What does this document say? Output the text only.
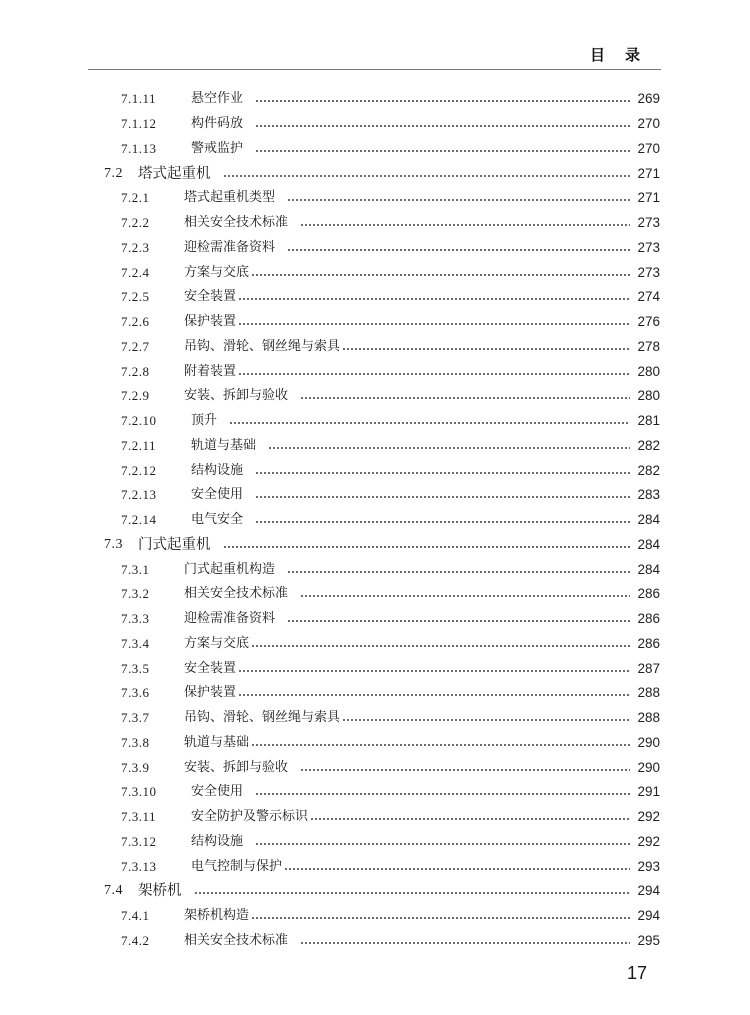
目录
7.1.11	悬空作业	269
7.1.12	构件码放	270
7.1.13	警戒监护	270
7.2 塔式起重机	271
7.2.1	塔式起重机类型	271
7.2.2	相关安全技术标准	273
7.2.3	迎检需准备资料	273
7.2.4	方案与交底	273
7.2.5	安全装置	274
7.2.6	保护装置	276
7.2.7	吊钩、滑轮、钢丝绳与索具	278
7.2.8	附着装置	280
7.2.9	安装、拆卸与验收	280
7.2.10	顶升	281
7.2.11	轨道与基础	282
7.2.12	结构设施	282
7.2.13	安全使用	283
7.2.14	电气安全	284
7.3 门式起重机	284
7.3.1	门式起重机构造	284
7.3.2	相关安全技术标准	286
7.3.3	迎检需准备资料	286
7.3.4	方案与交底	286
7.3.5	安全装置	287
7.3.6	保护装置	288
7.3.7	吊钩、滑轮、钢丝绳与索具	288
7.3.8	轨道与基础	290
7.3.9	安装、拆卸与验收	290
7.3.10	安全使用	291
7.3.11	安全防护及警示标识	292
7.3.12	结构设施	292
7.3.13	电气控制与保护	293
7.4 架桥机	294
7.4.1	架桥机构造	294
7.4.2	相关安全技术标准	295
17
